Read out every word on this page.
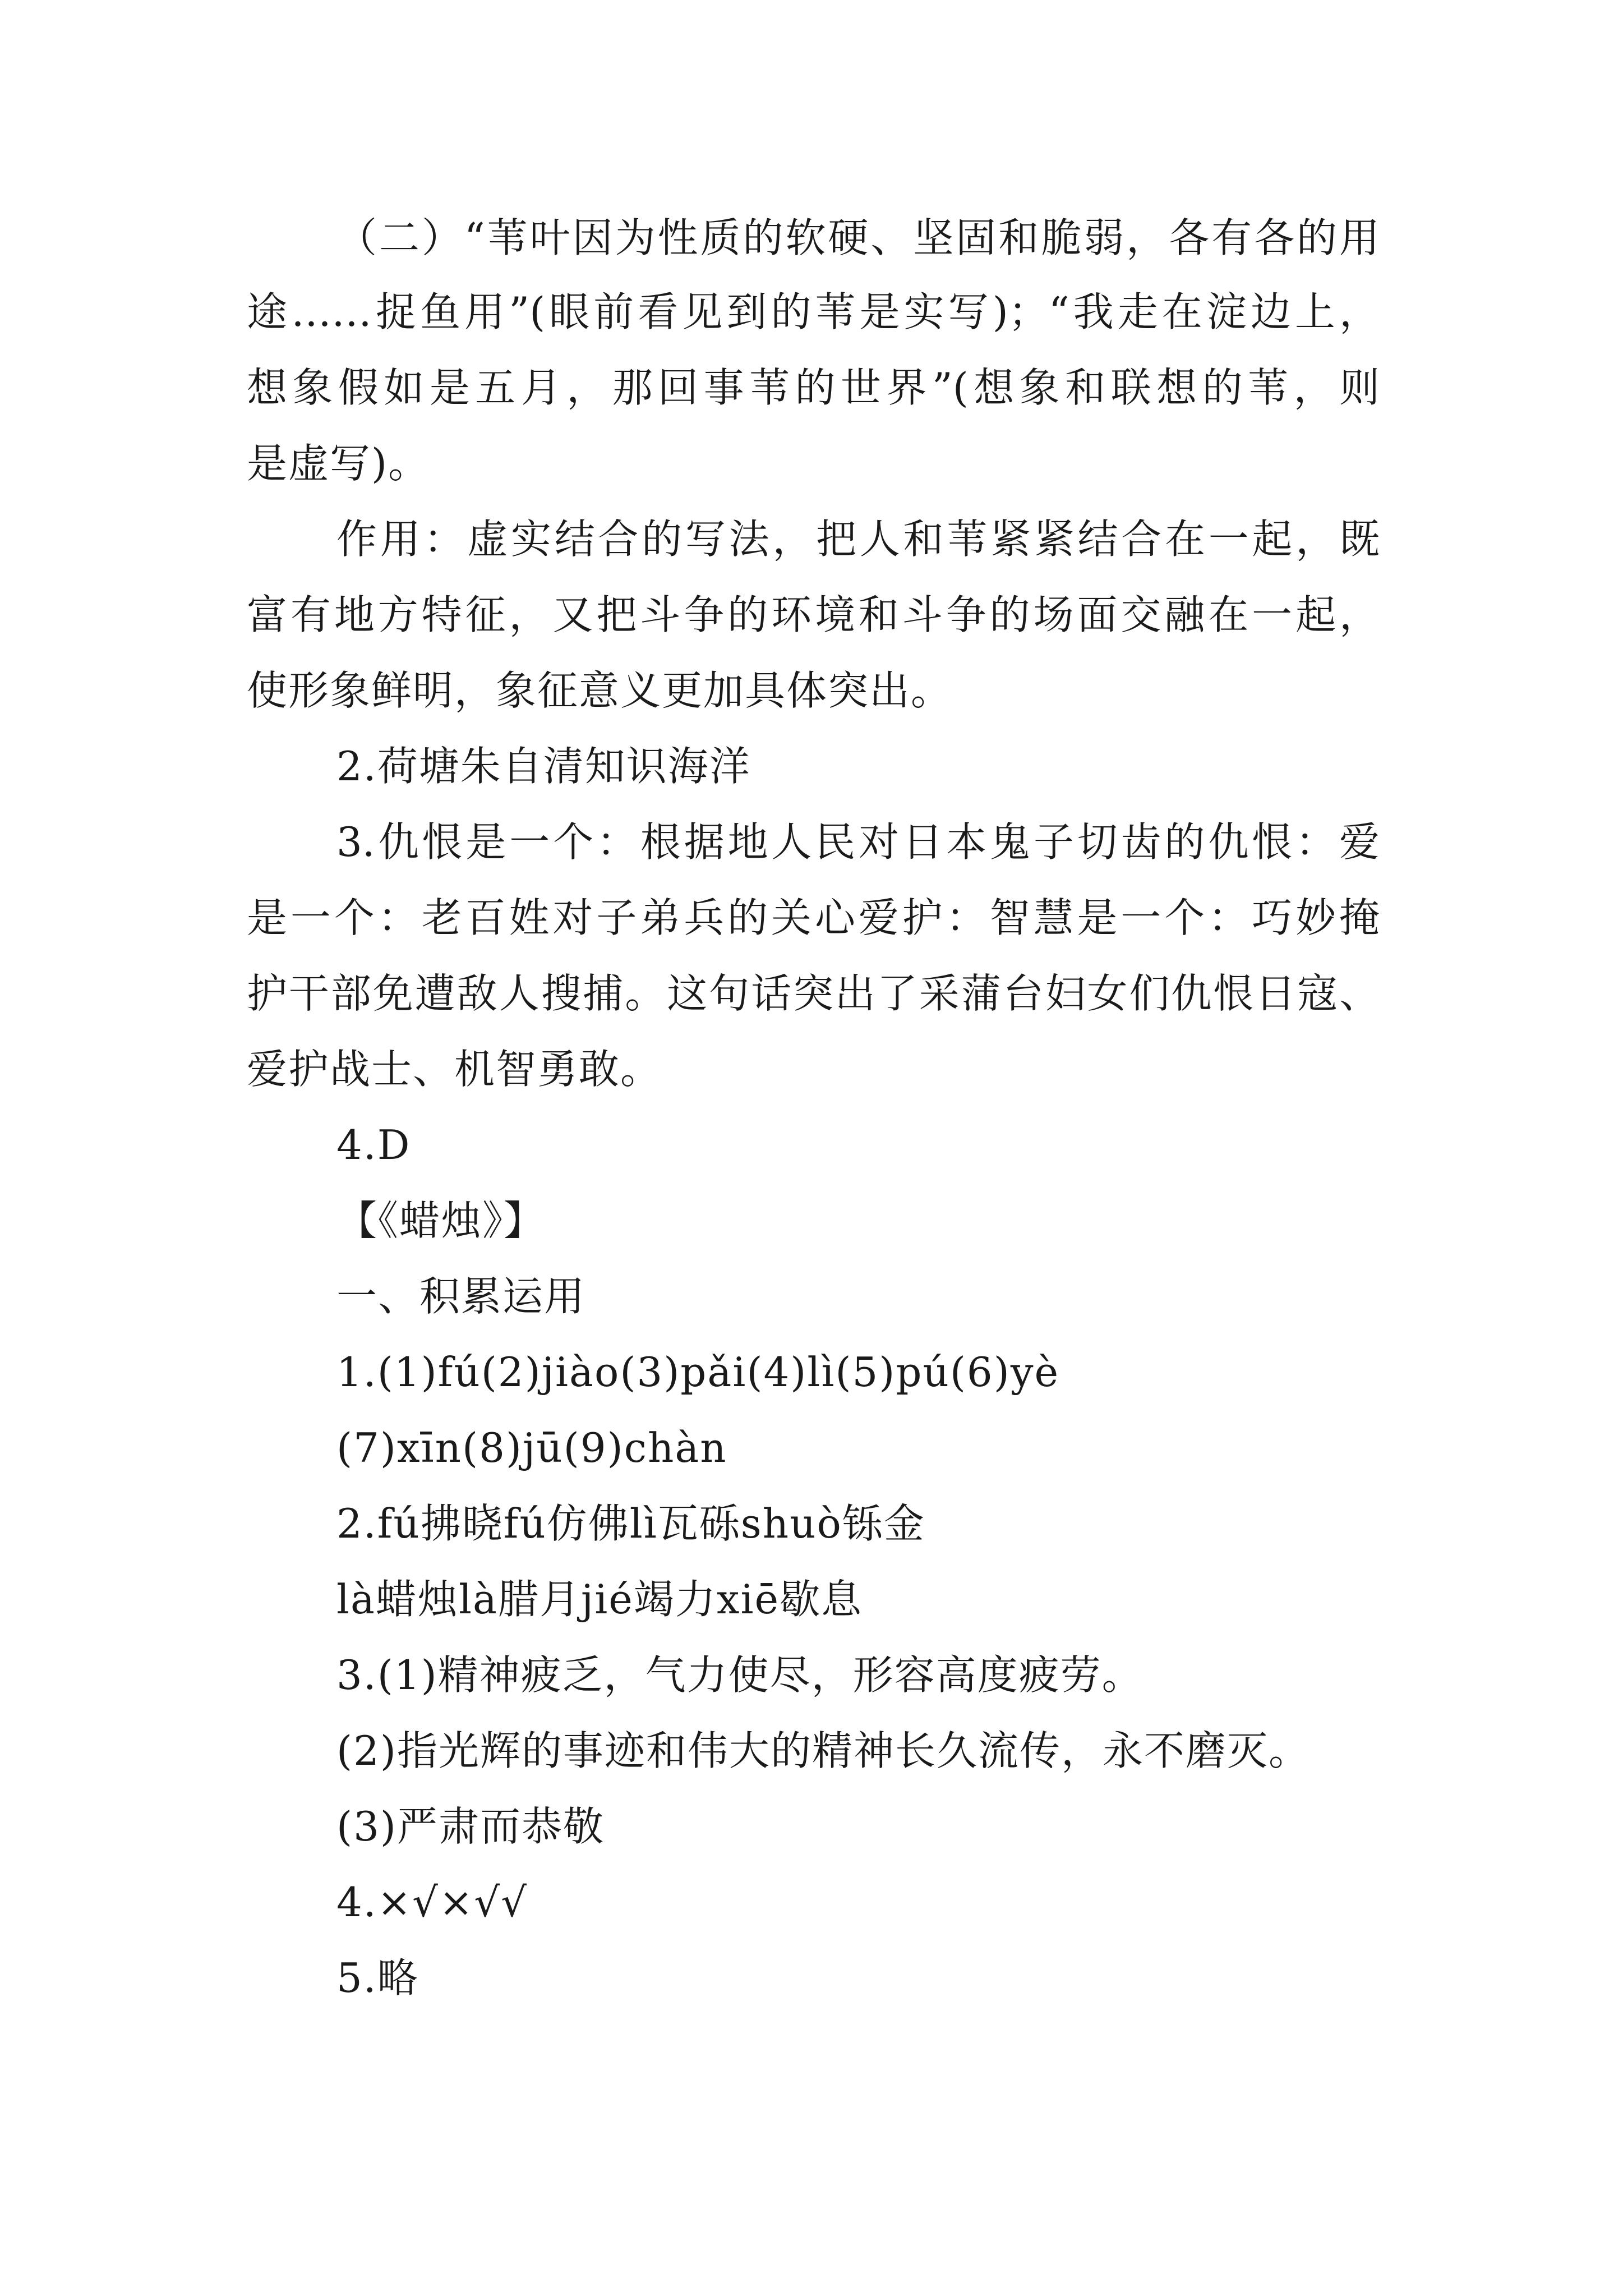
（二）“苇叶因为性质的软硬、坚固和脆弱，各有各的用
途……捉鱼用”(眼前看见到的苇是实写)；“我走在淀边上，
想象假如是五月，那回事苇的世界”(想象和联想的苇，则
是虚写)。
作用：虚实结合的写法，把人和苇紧紧结合在一起，既
富有地方特征，又把斗争的环境和斗争的场面交融在一起，
使形象鲜明，象征意义更加具体突出。
2.荷塘朱自清知识海洋
3.仇恨是一个：根据地人民对日本鬼子切齿的仇恨：爱
是一个：老百姓对子弟兵的关心爱护：智慧是一个：巧妙掩
护干部免遭敌人搜捕。这句话突出了采蒲台妇女们仇恨日寇、
爱护战士、机智勇敢。
4.D
【《蜡烛》】
一、积累运用
1.(1)fú(2)jiào(3)pǎi(4)lì(5)pú(6)yè
(7)xīn(8)jū(9)chàn
2.fú拂晓fú仿佛lì瓦砾shuò铄金
là蜡烛là腊月jié竭力xiē歇息
3.(1)精神疲乏，气力使尽，形容高度疲劳。
(2)指光辉的事迹和伟大的精神长久流传，永不磨灭。
(3)严肃而恭敬
4.×√×√√
5.略
